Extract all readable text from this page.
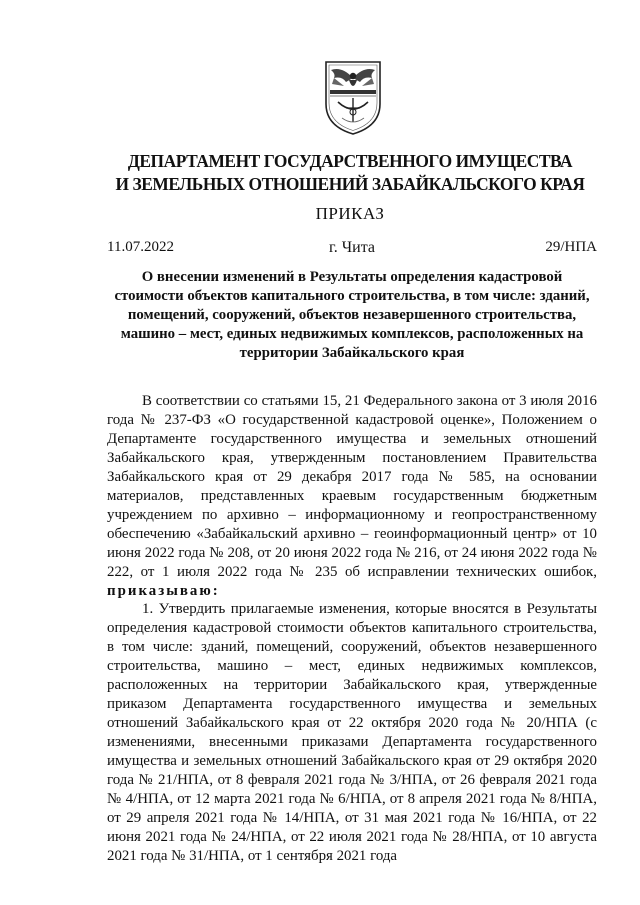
ДЕПАРТАМЕНТ ГОСУДАРСТВЕННОГО ИМУЩЕСТВА
И ЗЕМЕЛЬНЫХ ОТНОШЕНИЙ ЗАБАЙКАЛЬСКОГО КРАЯ
ПРИКАЗ
г. Чита
11.07.2022	29/НПА
О внесении изменений в Результаты определения кадастровой стоимости объектов капитального строительства, в том числе: зданий, помещений, сооружений, объектов незавершенного строительства, машино – мест, единых недвижимых комплексов, расположенных на территории Забайкальского края
В соответствии со статьями 15, 21 Федерального закона от 3 июля 2016 года № 237-ФЗ «О государственной кадастровой оценке», Положением о Департаменте государственного имущества и земельных отношений Забайкальского края, утвержденным постановлением Правительства Забайкальского края от 29 декабря 2017 года № 585, на основании материалов, представленных краевым государственным бюджетным учреждением по архивно – информационному и геопространственному обеспечению «Забайкальский архивно – геоинформационный центр» от 10 июня 2022 года № 208, от 20 июня 2022 года № 216, от 24 июня 2022 года № 222, от 1 июля 2022 года № 235 об исправлении технических ошибок, приказываю:
1. Утвердить прилагаемые изменения, которые вносятся в Результаты определения кадастровой стоимости объектов капитального строительства, в том числе: зданий, помещений, сооружений, объектов незавершенного строительства, машино – мест, единых недвижимых комплексов, расположенных на территории Забайкальского края, утвержденные приказом Департамента государственного имущества и земельных отношений Забайкальского края от 22 октября 2020 года № 20/НПА (с изменениями, внесенными приказами Департамента государственного имущества и земельных отношений Забайкальского края от 29 октября 2020 года № 21/НПА, от 8 февраля 2021 года № 3/НПА, от 26 февраля 2021 года № 4/НПА, от 12 марта 2021 года № 6/НПА, от 8 апреля 2021 года № 8/НПА, от 29 апреля 2021 года № 14/НПА, от 31 мая 2021 года № 16/НПА, от 22 июня 2021 года № 24/НПА, от 22 июля 2021 года № 28/НПА, от 10 августа 2021 года № 31/НПА, от 1 сентября 2021 года
